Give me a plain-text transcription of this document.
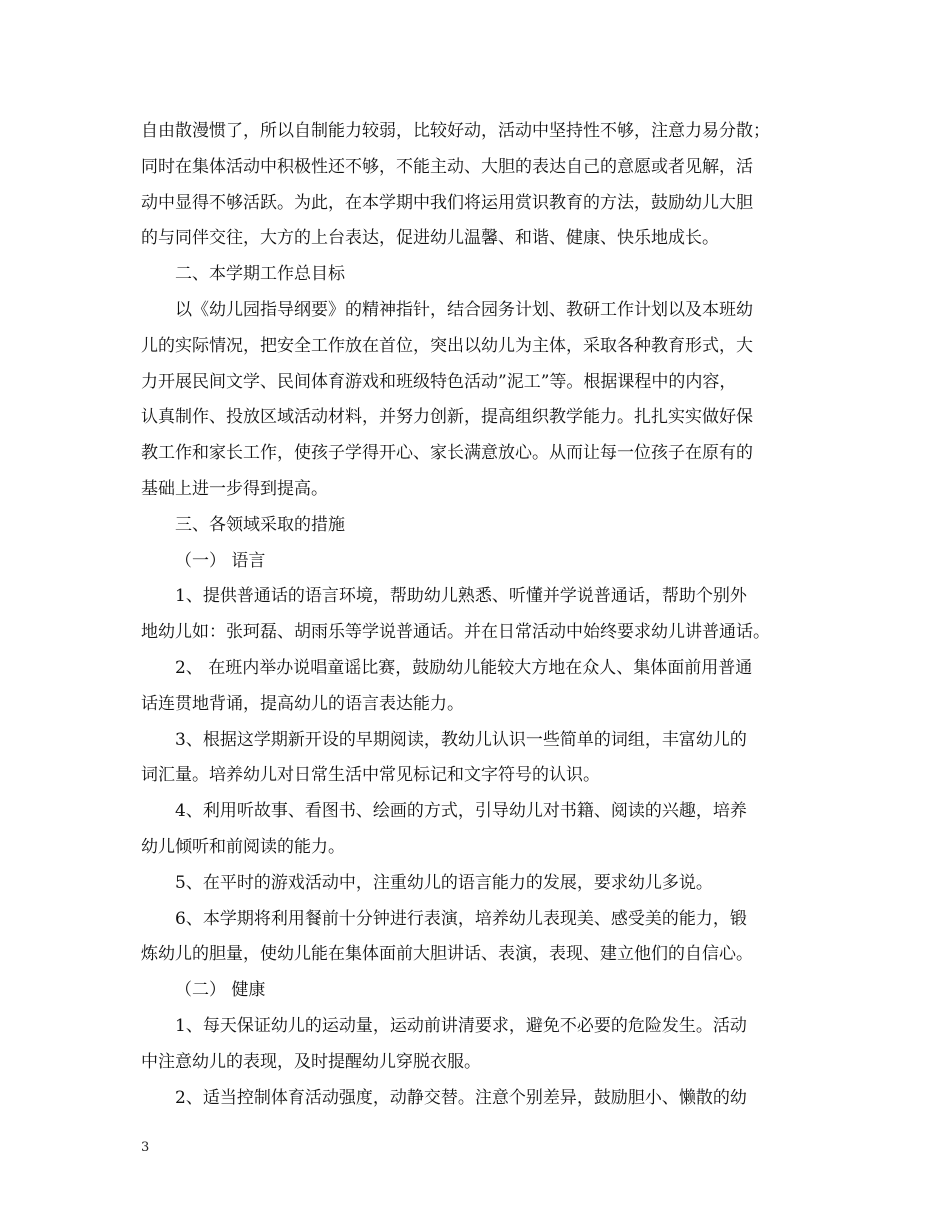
自由散漫惯了，所以自制能力较弱，比较好动，活动中坚持性不够，注意力易分散；
同时在集体活动中积极性还不够，不能主动、大胆的表达自己的意愿或者见解，活
动中显得不够活跃。为此，在本学期中我们将运用赏识教育的方法，鼓励幼儿大胆
的与同伴交往，大方的上台表达，促进幼儿温馨、和谐、健康、快乐地成长。
二、本学期工作总目标
以《幼儿园指导纲要》的精神指针，结合园务计划、教研工作计划以及本班幼
儿的实际情况，把安全工作放在首位，突出以幼儿为主体，采取各种教育形式，大
力开展民间文学、民间体育游戏和班级特色活动”泥工”等。根据课程中的内容，
认真制作、投放区域活动材料，并努力创新，提高组织教学能力。扎扎实实做好保
教工作和家长工作，使孩子学得开心、家长满意放心。从而让每一位孩子在原有的
基础上进一步得到提高。
三、各领域采取的措施
（一） 语言
1、提供普通话的语言环境，帮助幼儿熟悉、听懂并学说普通话，帮助个别外
地幼儿如：张珂磊、胡雨乐等学说普通话。并在日常活动中始终要求幼儿讲普通话。
2、 在班内举办说唱童谣比赛，鼓励幼儿能较大方地在众人、集体面前用普通
话连贯地背诵，提高幼儿的语言表达能力。
3、根据这学期新开设的早期阅读，教幼儿认识一些简单的词组，丰富幼儿的
词汇量。培养幼儿对日常生活中常见标记和文字符号的认识。
4、利用听故事、看图书、绘画的方式，引导幼儿对书籍、阅读的兴趣，培养
幼儿倾听和前阅读的能力。
5、在平时的游戏活动中，注重幼儿的语言能力的发展，要求幼儿多说。
6、本学期将利用餐前十分钟进行表演，培养幼儿表现美、感受美的能力，锻
炼幼儿的胆量，使幼儿能在集体面前大胆讲话、表演，表现、建立他们的自信心。
（二） 健康
1、每天保证幼儿的运动量，运动前讲清要求，避免不必要的危险发生。活动
中注意幼儿的表现，及时提醒幼儿穿脱衣服。
2、适当控制体育活动强度，动静交替。注意个别差异，鼓励胆小、懒散的幼
3
